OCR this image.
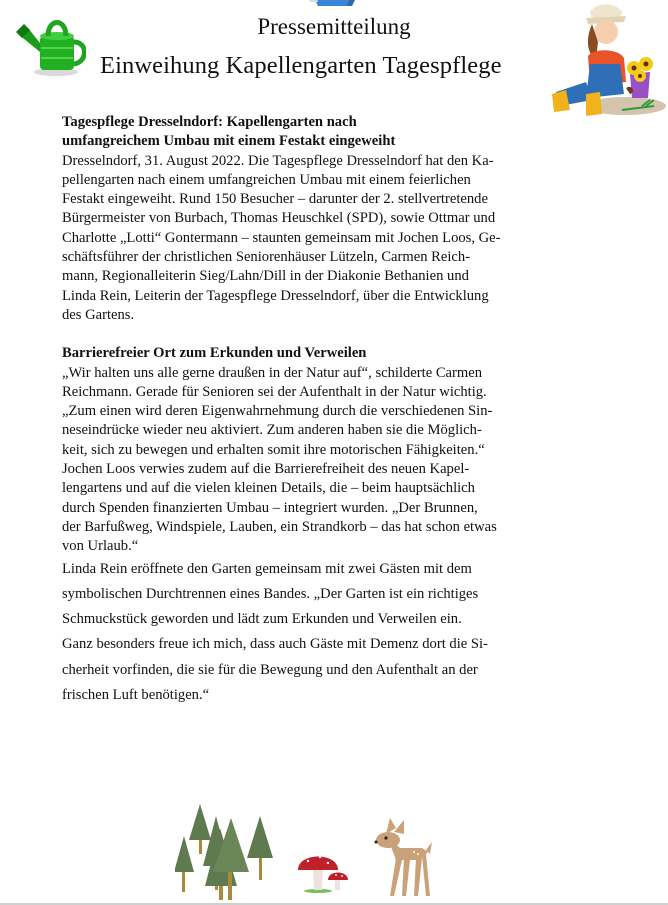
Pressemitteilung
Einweihung Kapellengarten Tagespflege
Tagespflege Dresselndorf: Kapellengarten nach
umfangreichem Umbau mit einem Festakt eingeweiht
Dresselndorf, 31. August 2022. Die Tagespflege Dresselndorf hat den Ka-
pellengarten nach einem umfangreichen Umbau mit einem feierlichen
Festakt eingeweiht. Rund 150 Besucher – darunter der 2. stellvertretende
Bürgermeister von Burbach, Thomas Heuschkel (SPD), sowie Ottmar und
Charlotte „Lotti“ Gontermann – staunten gemeinsam mit Jochen Loos, Ge-
schäftsführer der christlichen Seniorenhäuser Lützeln, Carmen Reich-
mann, Regionalleiterin Sieg/Lahn/Dill in der Diakonie Bethanien und
Linda Rein, Leiterin der Tagespflege Dresselndorf, über die Entwicklung
des Gartens.
Barrierefreier Ort zum Erkunden und Verweilen
„Wir halten uns alle gerne draußen in der Natur auf“, schilderte Carmen
Reichmann. Gerade für Senioren sei der Aufenthalt in der Natur wichtig.
„Zum einen wird deren Eigenwahrnehmung durch die verschiedenen Sin-
neseindrücke wieder neu aktiviert. Zum anderen haben sie die Möglich-
keit, sich zu bewegen und erhalten somit ihre motorischen Fähigkeiten.“
Jochen Loos verwies zudem auf die Barrierefreiheit des neuen Kapel-
lengartens und auf die vielen kleinen Details, die – beim hauptsächlich
durch Spenden finanzierten Umbau – integriert wurden. „Der Brunnen,
der Barfußweg, Windspiele, Lauben, ein Strandkorb – das hat schon etwas
von Urlaub.“
Linda Rein eröffnete den Garten gemeinsam mit zwei Gästen mit dem
symbolischen Durchtrennen eines Bandes. „Der Garten ist ein richtiges
Schmuckstück geworden und lädt zum Erkunden und Verweilen ein.
Ganz besonders freue ich mich, dass auch Gäste mit Demenz dort die Si-
cherheit vorfinden, die sie für die Bewegung und den Aufenthalt an der
frischen Luft benötigen.“
